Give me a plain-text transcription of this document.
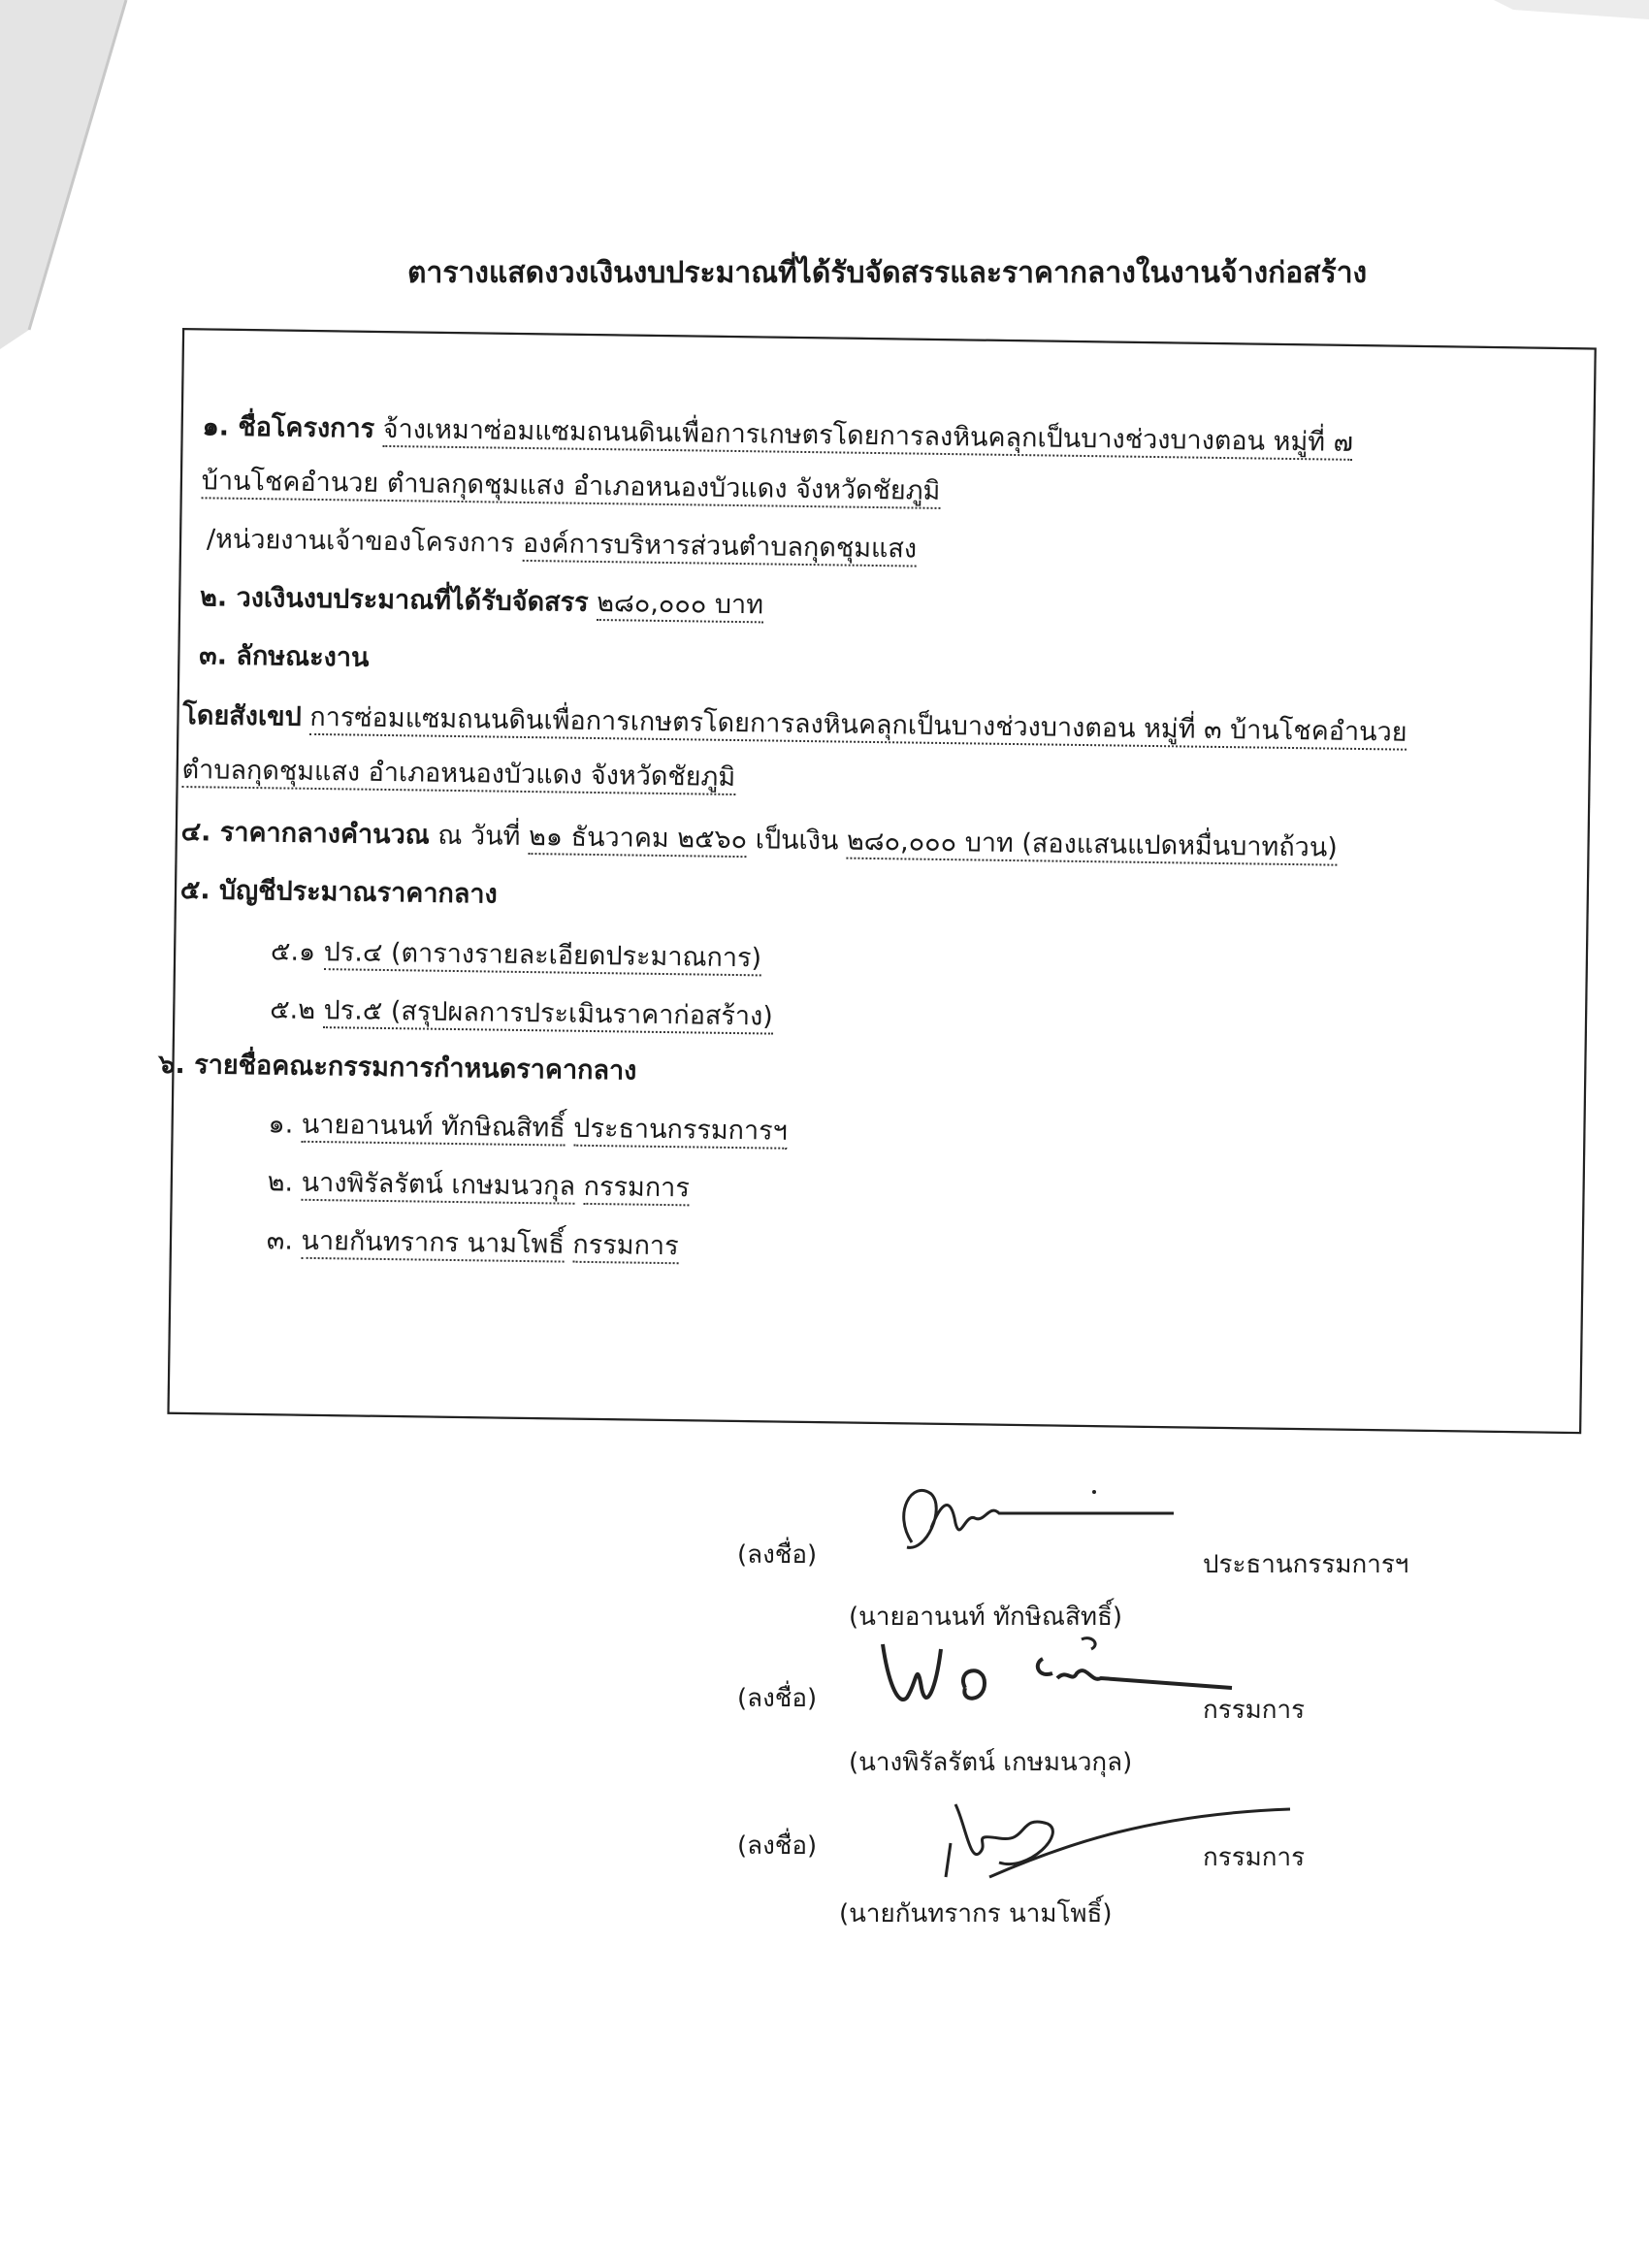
ตารางแสดงวงเงินงบประมาณที่ได้รับจัดสรรและราคากลางในงานจ้างก่อสร้าง
๑. ชื่อโครงการ จ้างเหมาซ่อมแซมถนนดินเพื่อการเกษตรโดยการลงหินคลุกเป็นบางช่วงบางตอน หมู่ที่ ๗
บ้านโชคอำนวย ตำบลกุดชุมแสง อำเภอหนองบัวแดง จังหวัดชัยภูมิ
/หน่วยงานเจ้าของโครงการ องค์การบริหารส่วนตำบลกุดชุมแสง
๒. วงเงินงบประมาณที่ได้รับจัดสรร ๒๘๐,๐๐๐ บาท
๓. ลักษณะงาน
โดยสังเขป การซ่อมแซมถนนดินเพื่อการเกษตรโดยการลงหินคลุกเป็นบางช่วงบางตอน หมู่ที่ ๓ บ้านโชคอำนวย
ตำบลกุดชุมแสง อำเภอหนองบัวแดง จังหวัดชัยภูมิ
๔. ราคากลางคำนวณ ณ วันที่ ๒๑ ธันวาคม ๒๕๖๐ เป็นเงิน ๒๘๐,๐๐๐ บาท (สองแสนแปดหมื่นบาทถ้วน)
๕. บัญชีประมาณราคากลาง
๕.๑ ปร.๔ (ตารางรายละเอียดประมาณการ)
๕.๒ ปร.๕ (สรุปผลการประเมินราคาก่อสร้าง)
๖. รายชื่อคณะกรรมการกำหนดราคากลาง
๑. นายอานนท์ ทักษิณสิทธิ์ ประธานกรรมการฯ
๒. นางพิรัลรัตน์ เกษมนวกุล กรรมการ
๓. นายกันทรากร นามโพธิ์ กรรมการ
(ลงชื่อ)	ประธานกรรมการฯ
(นายอานนท์ ทักษิณสิทธิ์)
(ลงชื่อ)	กรรมการ
(นางพิรัลรัตน์ เกษมนวกุล)
(ลงชื่อ)	กรรมการ
(นายกันทรากร นามโพธิ์)
